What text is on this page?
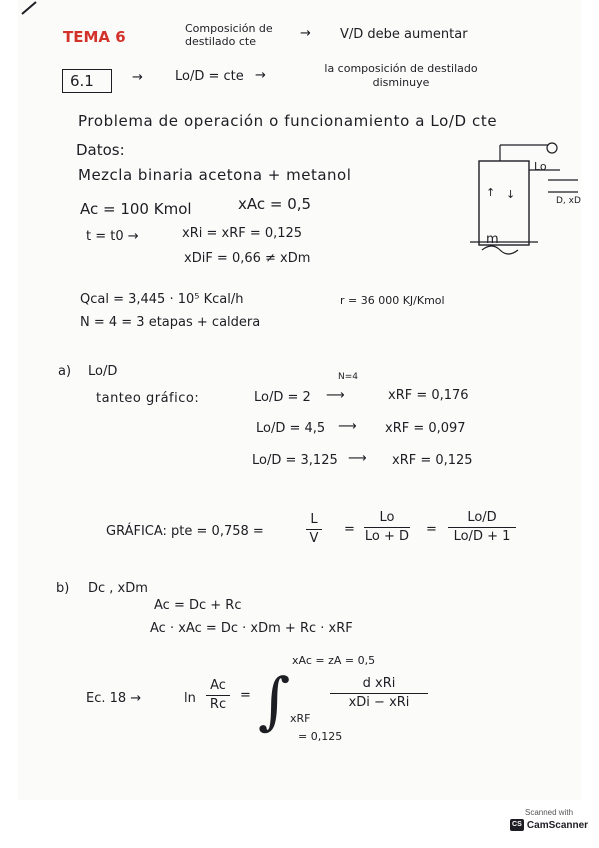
TEMA 6	Composición de destilado cte
→ V/D debe aumentar
6.1	→ Lo/D = cte →	la composición de destilado disminuye
Problema de operación o funcionamiento a Lo/D cte
Datos:
Mezcla binaria acetona + metanol
Ac = 100 Kmol	xAc = 0,5
t = t0 →	xRi = xRF = 0,125
xDiF = 0,66 ≠ xDm
Qcal = 3,445 · 10⁵ Kcal/h	r = 36 000 KJ/Kmol
N = 4 = 3 etapas + caldera
Lo
D, xD
m
↑ ↓
a) Lo/D
tanteo gráfico:
N=4
Lo/D = 2 ⟶	xRF = 0,176
Lo/D = 4,5 ⟶ xRF = 0,097
Lo/D = 3,125 ⟶ xRF = 0,125
GRÁFICA: pte = 0,758 =
L
V
=
Lo
Lo + D =
Lo/D
Lo/D + 1
b) Dc , xDm
Ac = Dc + Rc
Ac · xAc = Dc · xDm + Rc · xRF
Ec. 18 →	ln
Ac
Rc
= ∫
xAc = zA = 0,5
d xRi
xDi − xRi
xRF
= 0,125
Scanned with
CS CamScanner
